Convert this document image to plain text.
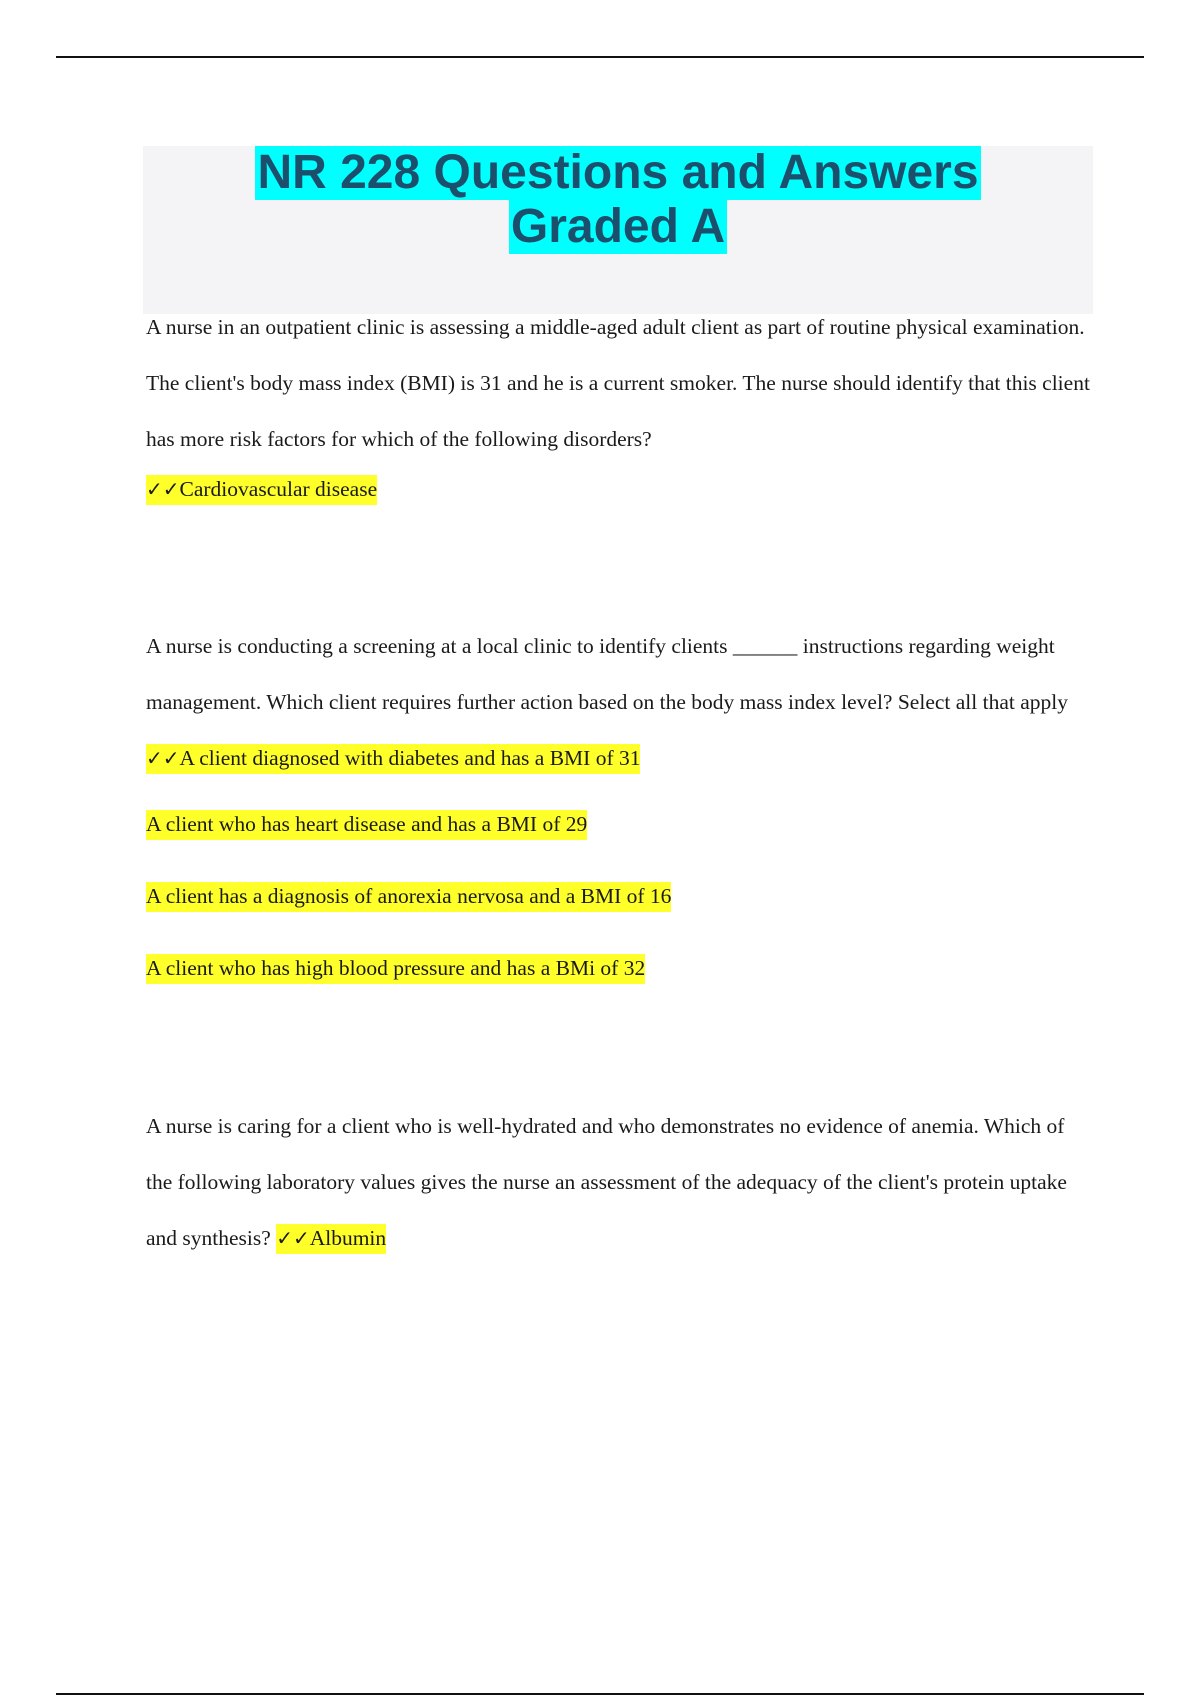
NR 228 Questions and Answers
Graded A

A nurse in an outpatient clinic is assessing a middle-aged adult client as part of routine physical examination. The client's body mass index (BMI) is 31 and he is a current smoker. The nurse should identify that this client has more risk factors for which of the following disorders?

✓✓Cardiovascular disease

A nurse is conducting a screening at a local clinic to identify clients ______ instructions regarding weight management. Which client requires further action based on the body mass index level? Select all that apply ✓✓A client diagnosed with diabetes and has a BMI of 31

A client who has heart disease and has a BMI of 29

A client has a diagnosis of anorexia nervosa and a BMI of 16

A client who has high blood pressure and has a BMi of 32

A nurse is caring for a client who is well-hydrated and who demonstrates no evidence of anemia. Which of the following laboratory values gives the nurse an assessment of the adequacy of the client's protein uptake and synthesis? ✓✓Albumin
